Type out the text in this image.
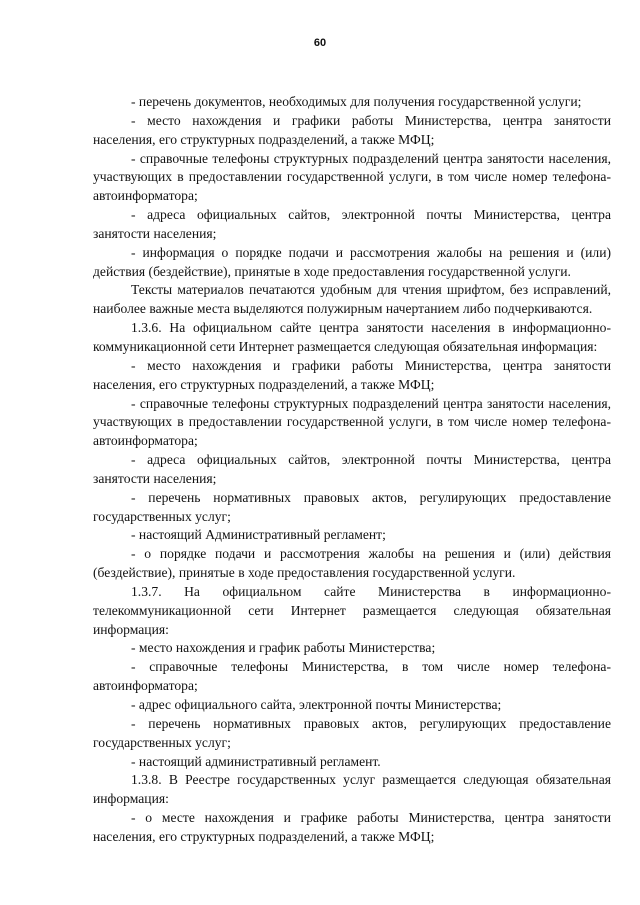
60

- перечень документов, необходимых для получения государственной услуги;

- место нахождения и графики работы Министерства, центра занятости населения, его структурных подразделений, а также МФЦ;

- справочные телефоны структурных подразделений центра занятости населения, участвующих в предоставлении государственной услуги, в том числе номер телефона-автоинформатора;

- адреса официальных сайтов, электронной почты Министерства, центра занятости населения;

- информация о порядке подачи и рассмотрения жалобы на решения и (или) действия (бездействие), принятые в ходе предоставления государственной услуги.

Тексты материалов печатаются удобным для чтения шрифтом, без исправлений, наиболее важные места выделяются полужирным начертанием либо подчеркиваются.

1.3.6. На официальном сайте центра занятости населения в информационно-коммуникационной сети Интернет размещается следующая обязательная информация:

- место нахождения и графики работы Министерства, центра занятости населения, его структурных подразделений, а также МФЦ;

- справочные телефоны структурных подразделений центра занятости населения, участвующих в предоставлении государственной услуги, в том числе номер телефона-автоинформатора;

- адреса официальных сайтов, электронной почты Министерства, центра занятости населения;

- перечень нормативных правовых актов, регулирующих предоставление государственных услуг;

- настоящий Административный регламент;

- о порядке подачи и рассмотрения жалобы на решения и (или) действия (бездействие), принятые в ходе предоставления государственной услуги.

1.3.7. На официальном сайте Министерства в информационно-телекоммуникационной сети Интернет размещается следующая обязательная информация:

- место нахождения и график работы Министерства;

- справочные телефоны Министерства, в том числе номер телефона-автоинформатора;

- адрес официального сайта, электронной почты Министерства;

- перечень нормативных правовых актов, регулирующих предоставление государственных услуг;

- настоящий административный регламент.

1.3.8. В Реестре государственных услуг размещается следующая обязательная информация:

- о месте нахождения и графике работы Министерства, центра занятости населения, его структурных подразделений, а также МФЦ;
